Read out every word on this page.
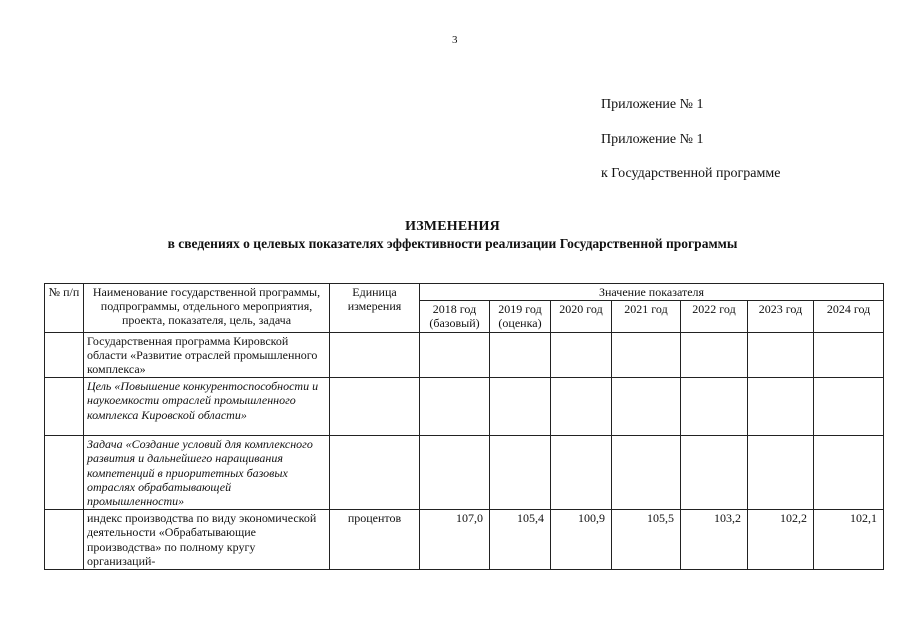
3
Приложение № 1
Приложение № 1
к Государственной программе
ИЗМЕНЕНИЯ
в сведениях о целевых показателях эффективности реализации Государственной программы
№ п/п	Наименование государственной программы, подпрограммы, отдельного мероприятия, проекта, показателя, цель, задача	Единица измерения	Значение показателя						
			2018 год (базовый)	2019 год (оценка)	2020 год	2021 год	2022 год	2023 год	2024 год
	Государственная программа Кировской области «Развитие отраслей промышленного комплекса»								
	Цель «Повышение конкурентоспособности и наукоемкости отраслей промышленного комплекса Кировской области»								
	Задача «Создание условий для комплексного развития и дальнейшего наращивания компетенций в приоритетных базовых отраслях обрабатывающей промышленности»								
	индекс производства по виду экономической деятельности «Обрабатывающие производства» по полному кругу организаций-	процентов	107,0	105,4	100,9	105,5	103,2	102,2	102,1
